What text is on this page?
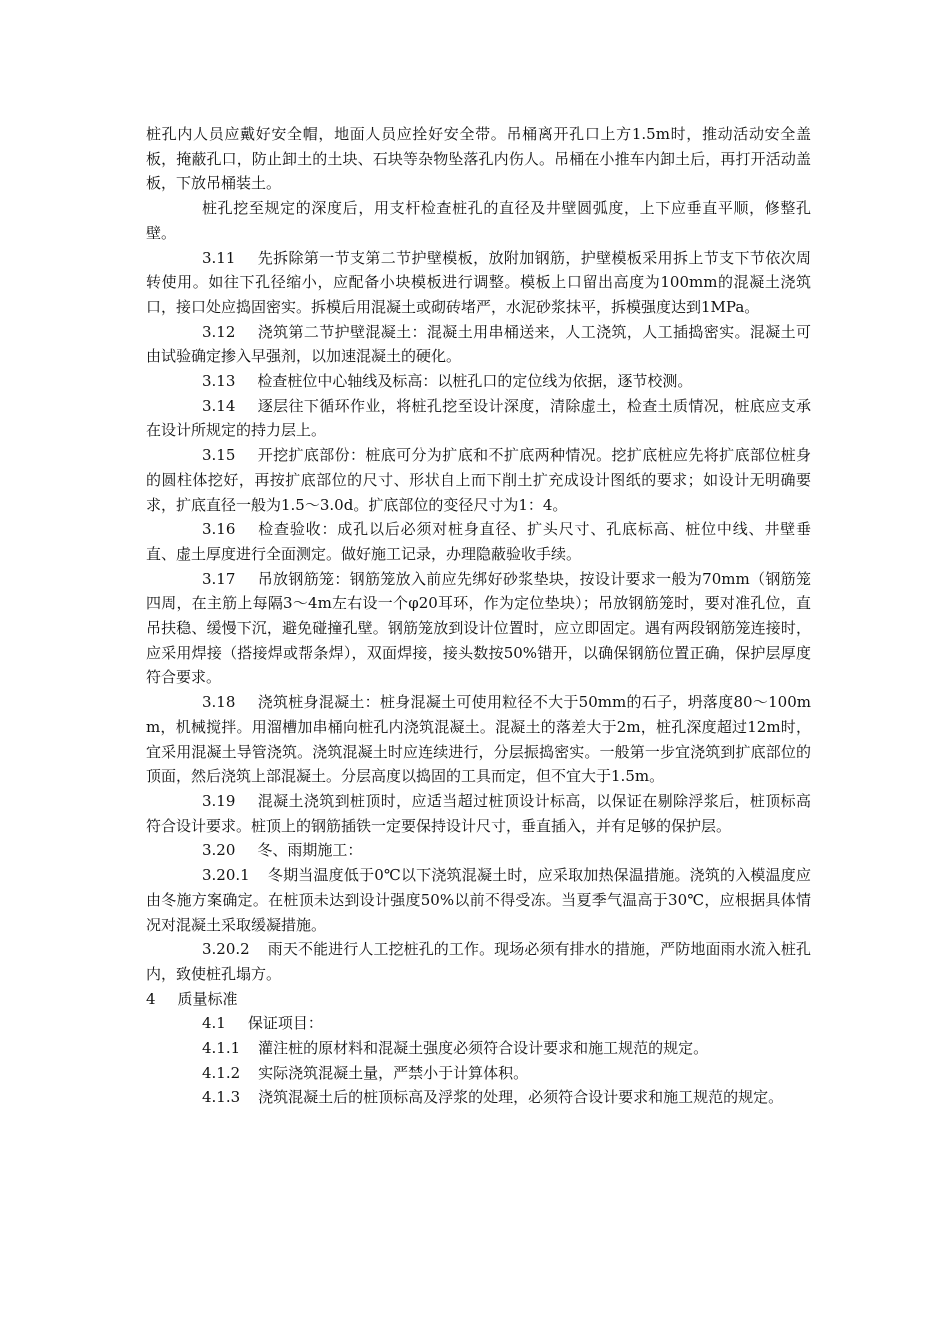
桩孔内人员应戴好安全帽，地面人员应拴好安全带。吊桶离开孔口上方1.5m时，推动活动安全盖板，掩蔽孔口，防止卸土的土块、石块等杂物坠落孔内伤人。吊桶在小推车内卸土后，再打开活动盖板，下放吊桶装土。

桩孔挖至规定的深度后，用支杆检查桩孔的直径及井壁圆弧度，上下应垂直平顺，修整孔壁。

3.11 先拆除第一节支第二节护壁模板，放附加钢筋，护壁模板采用拆上节支下节依次周转使用。如往下孔径缩小，应配备小块模板进行调整。模板上口留出高度为100mm的混凝土浇筑口，接口处应捣固密实。拆模后用混凝土或砌砖堵严，水泥砂浆抹平，拆模强度达到1MPa。

3.12 浇筑第二节护壁混凝土：混凝土用串桶送来，人工浇筑，人工插捣密实。混凝土可由试验确定掺入早强剂，以加速混凝土的硬化。

3.13 检查桩位中心轴线及标高：以桩孔口的定位线为依据，逐节校测。

3.14 逐层往下循环作业，将桩孔挖至设计深度，清除虚土，检查土质情况，桩底应支承在设计所规定的持力层上。

3.15 开挖扩底部份：桩底可分为扩底和不扩底两种情况。挖扩底桩应先将扩底部位桩身的圆柱体挖好，再按扩底部位的尺寸、形状自上而下削土扩充成设计图纸的要求；如设计无明确要求，扩底直径一般为1.5～3.0d。扩底部位的变径尺寸为1：4。

3.16 检查验收：成孔以后必须对桩身直径、扩头尺寸、孔底标高、桩位中线、井壁垂直、虚土厚度进行全面测定。做好施工记录，办理隐蔽验收手续。

3.17 吊放钢筋笼：钢筋笼放入前应先绑好砂浆垫块，按设计要求一般为70mm（钢筋笼四周，在主筋上每隔3～4m左右设一个φ20耳环，作为定位垫块）；吊放钢筋笼时，要对准孔位，直吊扶稳、缓慢下沉，避免碰撞孔壁。钢筋笼放到设计位置时，应立即固定。遇有两段钢筋笼连接时，应采用焊接（搭接焊或帮条焊），双面焊接，接头数按50%错开，以确保钢筋位置正确，保护层厚度符合要求。

3.18 浇筑桩身混凝土：桩身混凝土可使用粒径不大于50mm的石子，坍落度80～100mm，机械搅拌。用溜槽加串桶向桩孔内浇筑混凝土。混凝土的落差大于2m，桩孔深度超过12m时，宜采用混凝土导管浇筑。浇筑混凝土时应连续进行，分层振捣密实。一般第一步宜浇筑到扩底部位的顶面，然后浇筑上部混凝土。分层高度以捣固的工具而定，但不宜大于1.5m。

3.19 混凝土浇筑到桩顶时，应适当超过桩顶设计标高，以保证在剔除浮浆后，桩顶标高符合设计要求。桩顶上的钢筋插铁一定要保持设计尺寸，垂直插入，并有足够的保护层。

3.20 冬、雨期施工：

3.20.1 冬期当温度低于0℃以下浇筑混凝土时，应采取加热保温措施。浇筑的入模温度应由冬施方案确定。在桩顶未达到设计强度50%以前不得受冻。当夏季气温高于30℃，应根据具体情况对混凝土采取缓凝措施。

3.20.2 雨天不能进行人工挖桩孔的工作。现场必须有排水的措施，严防地面雨水流入桩孔内，致使桩孔塌方。

4 质量标准

4.1 保证项目：

4.1.1 灌注桩的原材料和混凝土强度必须符合设计要求和施工规范的规定。

4.1.2 实际浇筑混凝土量，严禁小于计算体积。

4.1.3 浇筑混凝土后的桩顶标高及浮浆的处理，必须符合设计要求和施工规范的规定。
